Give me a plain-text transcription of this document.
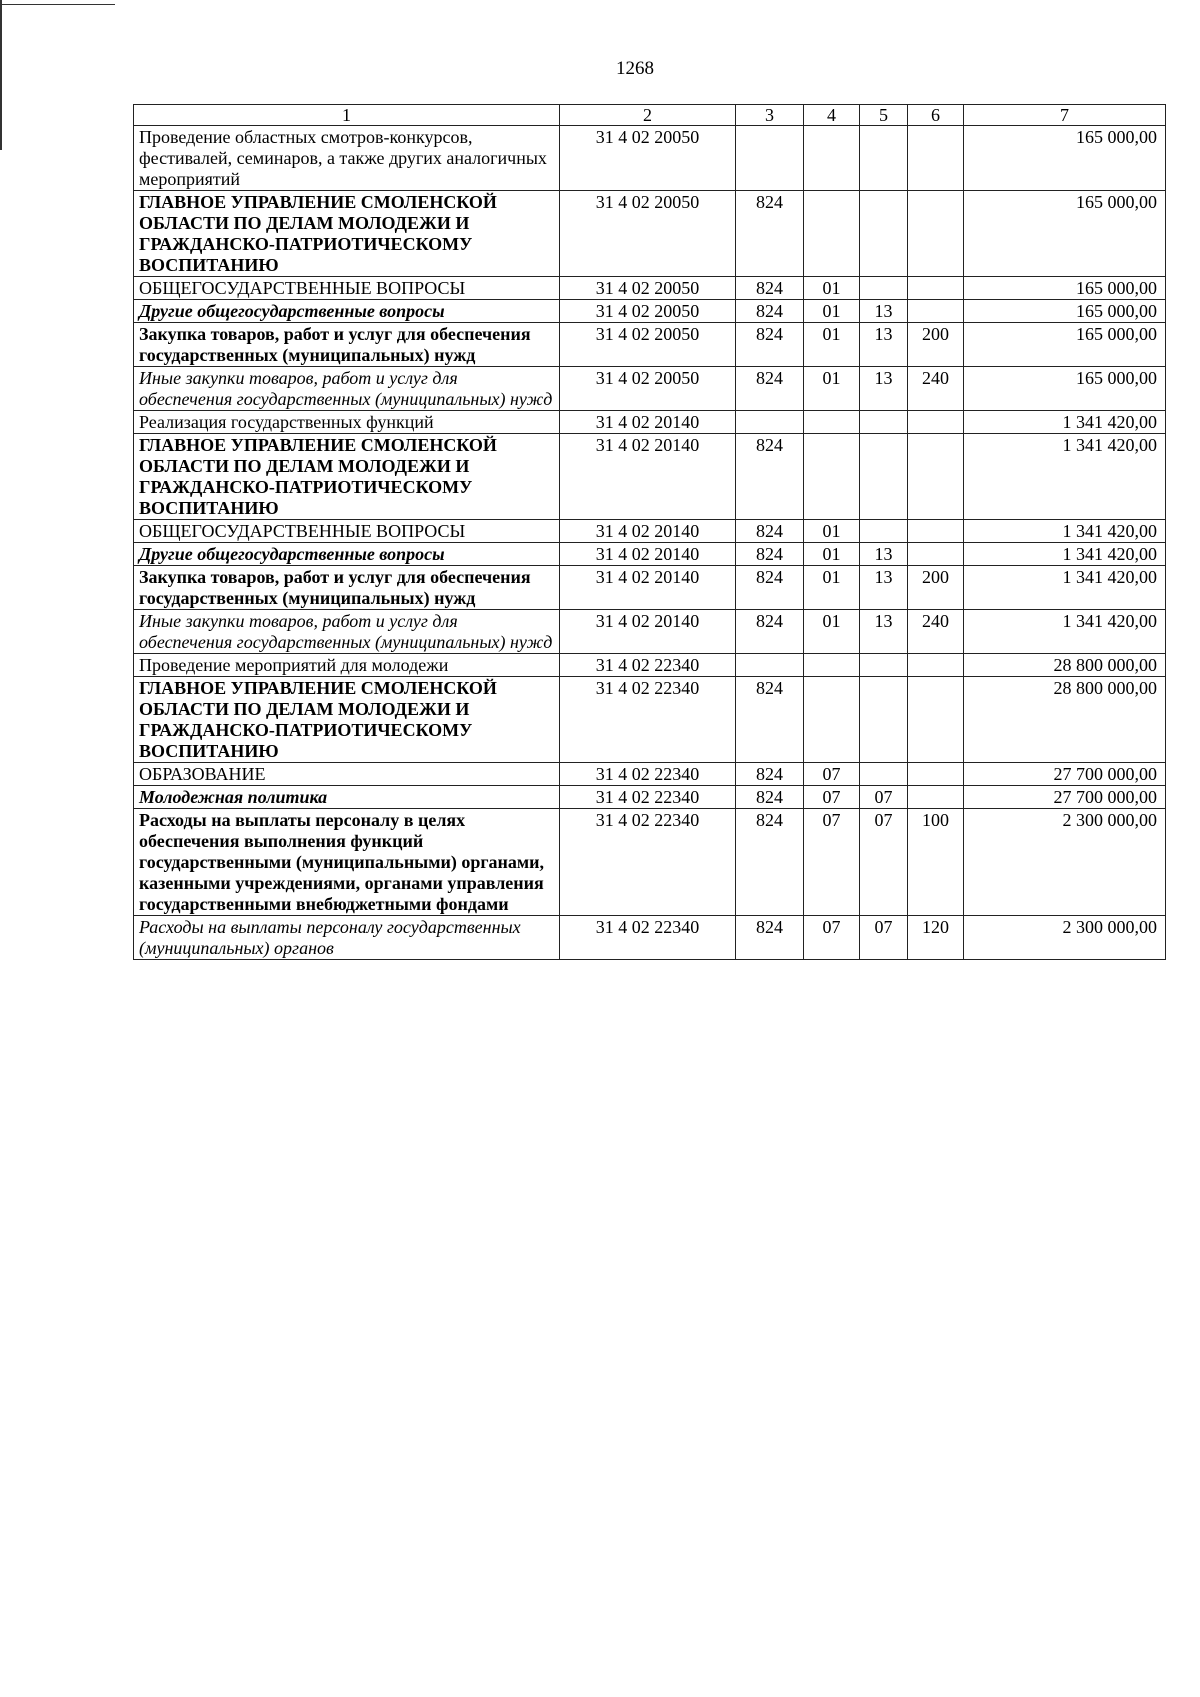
1268
1	2	3	4	5	6	7
Проведение областных смотров-конкурсов, фестивалей, семинаров, а также других аналогичных мероприятий	31 4 02 20050					165 000,00
ГЛАВНОЕ УПРАВЛЕНИЕ СМОЛЕНСКОЙ ОБЛАСТИ ПО ДЕЛАМ МОЛОДЕЖИ И ГРАЖДАНСКО-ПАТРИОТИЧЕСКОМУ ВОСПИТАНИЮ	31 4 02 20050	824				165 000,00
ОБЩЕГОСУДАРСТВЕННЫЕ ВОПРОСЫ	31 4 02 20050	824	01			165 000,00
Другие общегосударственные вопросы	31 4 02 20050	824	01	13		165 000,00
Закупка товаров, работ и услуг для обеспечения государственных (муниципальных) нужд	31 4 02 20050	824	01	13	200	165 000,00
Иные закупки товаров, работ и услуг для обеспечения государственных (муниципальных) нужд	31 4 02 20050	824	01	13	240	165 000,00
Реализация государственных функций	31 4 02 20140					1 341 420,00
ГЛАВНОЕ УПРАВЛЕНИЕ СМОЛЕНСКОЙ ОБЛАСТИ ПО ДЕЛАМ МОЛОДЕЖИ И ГРАЖДАНСКО-ПАТРИОТИЧЕСКОМУ ВОСПИТАНИЮ	31 4 02 20140	824				1 341 420,00
ОБЩЕГОСУДАРСТВЕННЫЕ ВОПРОСЫ	31 4 02 20140	824	01			1 341 420,00
Другие общегосударственные вопросы	31 4 02 20140	824	01	13		1 341 420,00
Закупка товаров, работ и услуг для обеспечения государственных (муниципальных) нужд	31 4 02 20140	824	01	13	200	1 341 420,00
Иные закупки товаров, работ и услуг для обеспечения государственных (муниципальных) нужд	31 4 02 20140	824	01	13	240	1 341 420,00
Проведение мероприятий для молодежи	31 4 02 22340					28 800 000,00
ГЛАВНОЕ УПРАВЛЕНИЕ СМОЛЕНСКОЙ ОБЛАСТИ ПО ДЕЛАМ МОЛОДЕЖИ И ГРАЖДАНСКО-ПАТРИОТИЧЕСКОМУ ВОСПИТАНИЮ	31 4 02 22340	824				28 800 000,00
ОБРАЗОВАНИЕ	31 4 02 22340	824	07			27 700 000,00
Молодежная политика	31 4 02 22340	824	07	07		27 700 000,00
Расходы на выплаты персоналу в целях обеспечения выполнения функций государственными (муниципальными) органами, казенными учреждениями, органами управления государственными внебюджетными фондами	31 4 02 22340	824	07	07	100	2 300 000,00
Расходы на выплаты персоналу государственных (муниципальных) органов	31 4 02 22340	824	07	07	120	2 300 000,00
